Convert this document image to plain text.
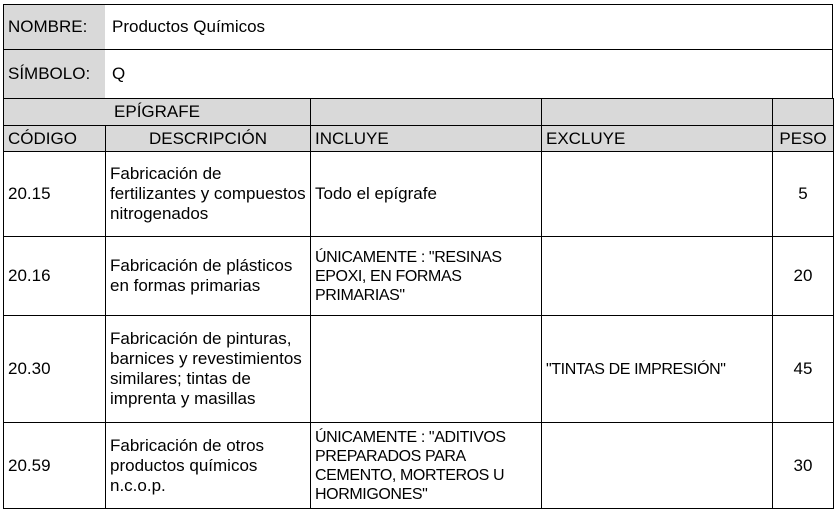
NOMBRE:	Productos Químicos
SÍMBOLO:	Q
EPÍGRAFE				
CÓDIGO	DESCRIPCIÓN	INCLUYE	EXCLUYE	PESO
20.15	Fabricación de fertilizantes y compuestos nitrogenados	Todo el epígrafe		5
20.16	Fabricación de plásticos en formas primarias	ÚNICAMENTE : "RESINAS EPOXI, EN FORMAS PRIMARIAS"		20
20.30	Fabricación de pinturas, barnices y revestimientos similares; tintas de imprenta y masillas		"TINTAS DE IMPRESIÓN"	45
20.59	Fabricación de otros productos químicos n.c.o.p.	ÚNICAMENTE : "ADITIVOS PREPARADOS PARA CEMENTO, MORTEROS U HORMIGONES"		30
